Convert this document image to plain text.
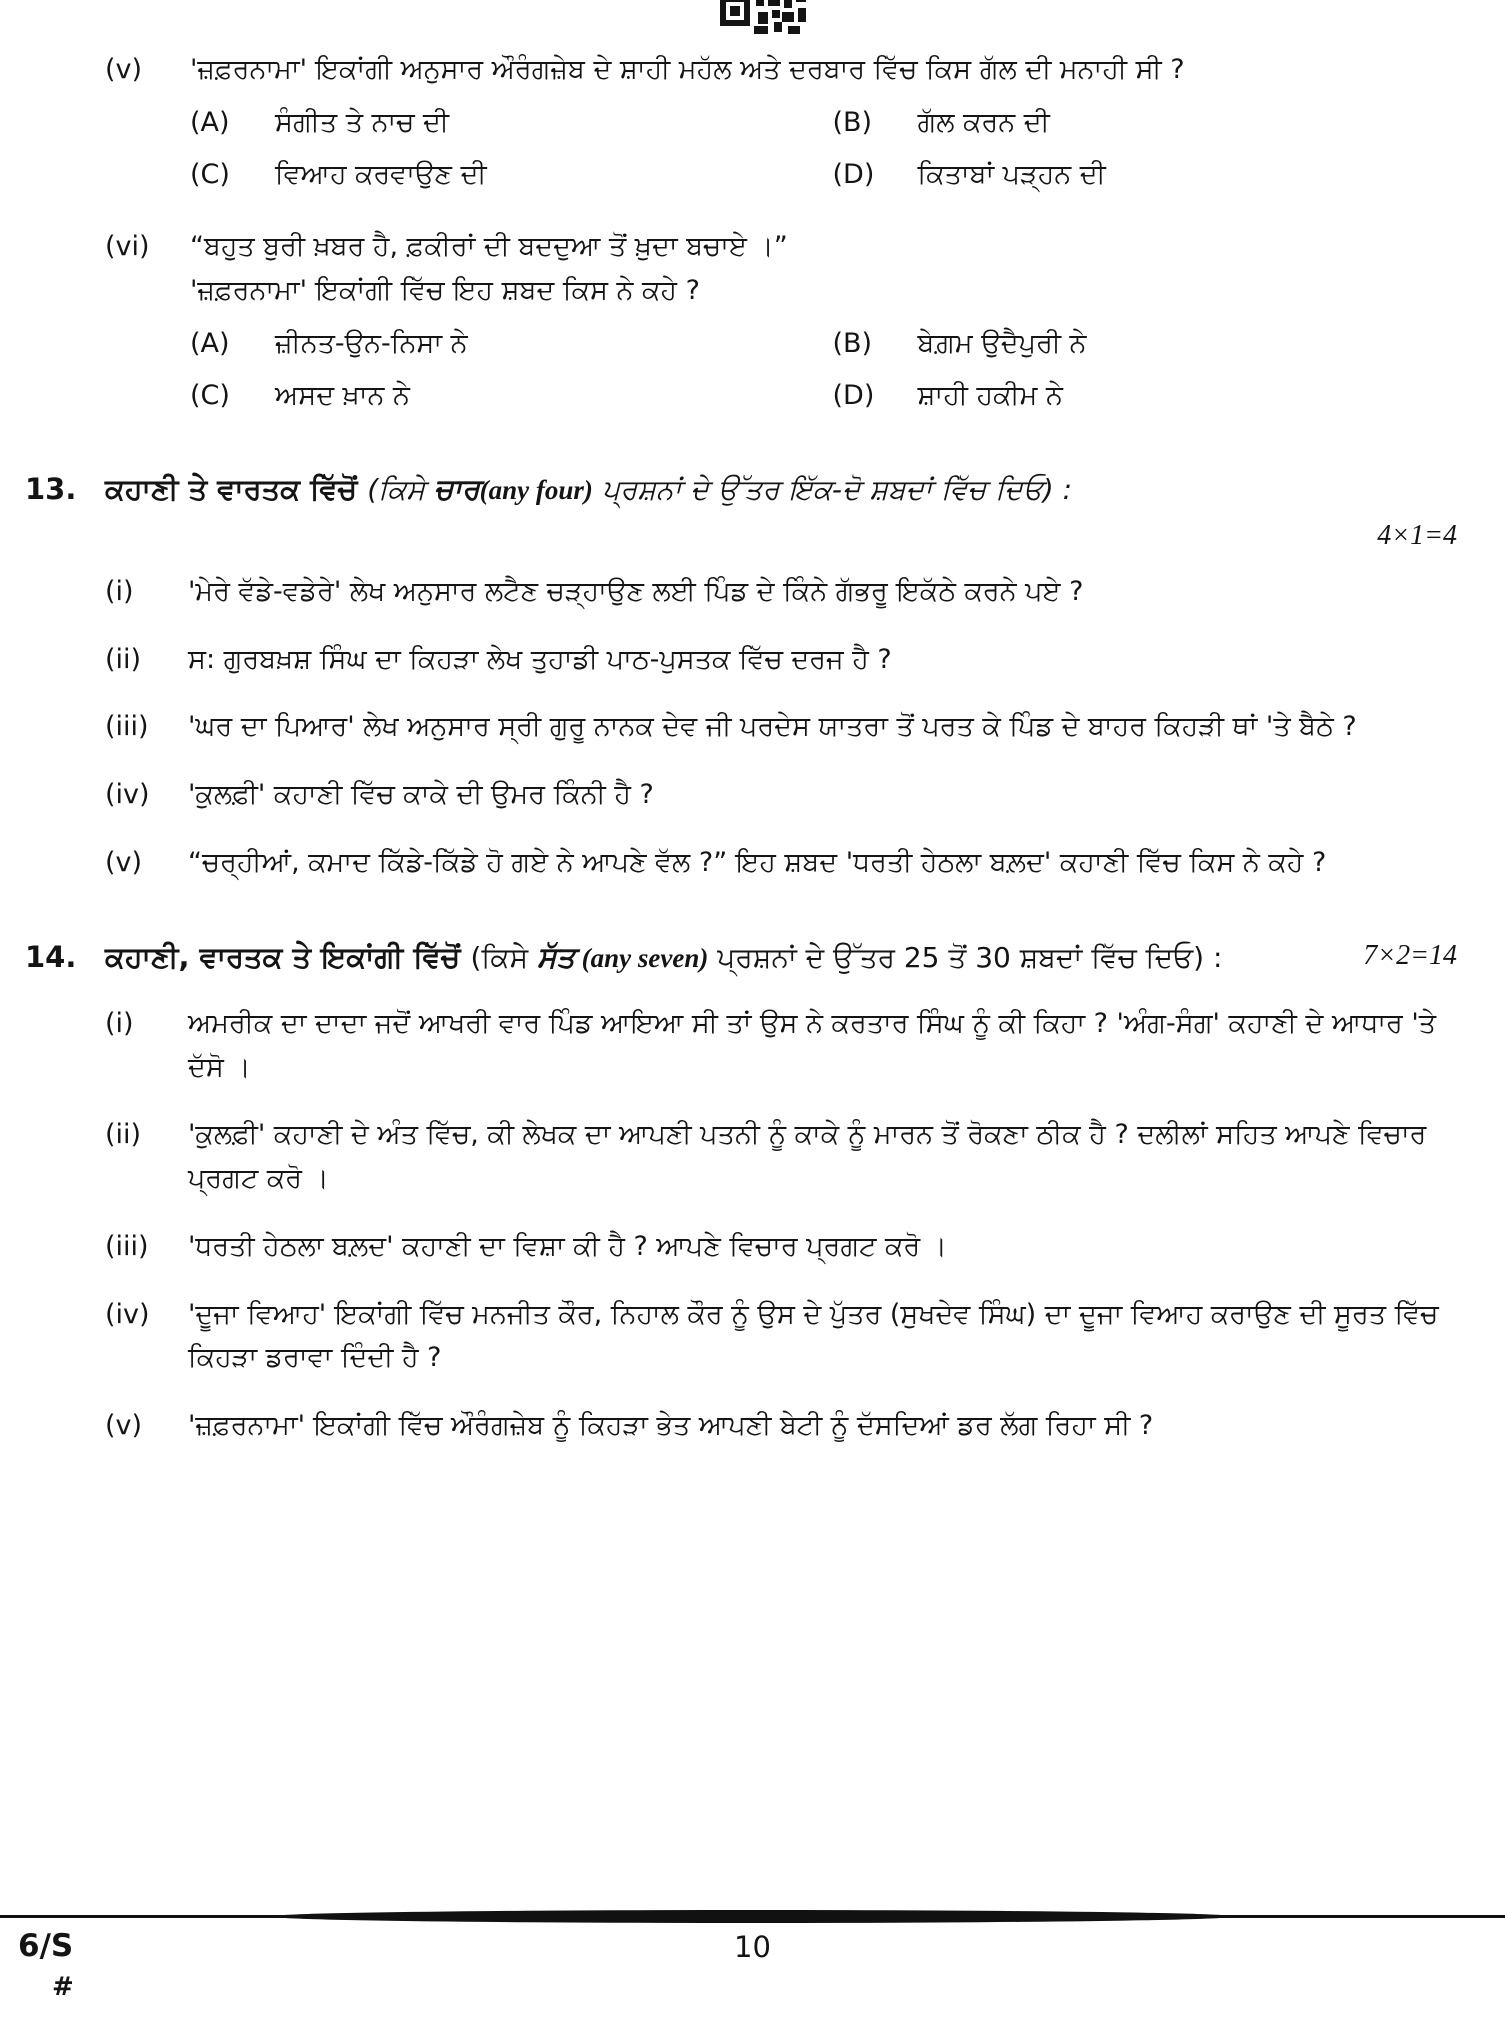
(v)	'ਜ਼ਫ਼ਰਨਾਮਾ' ਇਕਾਂਗੀ ਅਨੁਸਾਰ ਔਰੰਗਜ਼ੇਬ ਦੇ ਸ਼ਾਹੀ ਮਹੱਲ ਅਤੇ ਦਰਬਾਰ ਵਿੱਚ ਕਿਸ ਗੱਲ ਦੀ ਮਨਾਹੀ ਸੀ ?
(A)	ਸੰਗੀਤ ਤੇ ਨਾਚ ਦੀ	(B)	ਗੱਲ ਕਰਨ ਦੀ
(C)	ਵਿਆਹ ਕਰਵਾਉਣ ਦੀ	(D)	ਕਿਤਾਬਾਂ ਪੜ੍ਹਨ ਦੀ
(vi)	“ਬਹੁਤ ਬੁਰੀ ਖ਼ਬਰ ਹੈ, ਫ਼ਕੀਰਾਂ ਦੀ ਬਦਦੁਆ ਤੋਂ ਖ਼ੁਦਾ ਬਚਾਏ ।”
'ਜ਼ਫ਼ਰਨਾਮਾ' ਇਕਾਂਗੀ ਵਿੱਚ ਇਹ ਸ਼ਬਦ ਕਿਸ ਨੇ ਕਹੇ ?
(A)	ਜ਼ੀਨਤ-ਉਨ-ਨਿਸਾ ਨੇ	(B)	ਬੇਗ਼ਮ ਉਦੈਪੁਰੀ ਨੇ
(C)	ਅਸਦ ਖ਼ਾਨ ਨੇ	(D)	ਸ਼ਾਹੀ ਹਕੀਮ ਨੇ
13. ਕਹਾਣੀ ਤੇ ਵਾਰਤਕ ਵਿੱਚੋਂ (ਕਿਸੇ ਚਾਰ(any four) ਪ੍ਰਸ਼ਨਾਂ ਦੇ ਉੱਤਰ ਇੱਕ-ਦੋ ਸ਼ਬਦਾਂ ਵਿੱਚ ਦਿਓ) :
4×1=4
(i)	'ਮੇਰੇ ਵੱਡੇ-ਵਡੇਰੇ' ਲੇਖ ਅਨੁਸਾਰ ਲਟੈਣ ਚੜ੍ਹਾਉਣ ਲਈ ਪਿੰਡ ਦੇ ਕਿੰਨੇ ਗੱਭਰੂ ਇਕੱਠੇ ਕਰਨੇ ਪਏ ?
(ii)	ਸ: ਗੁਰਬਖ਼ਸ਼ ਸਿੰਘ ਦਾ ਕਿਹੜਾ ਲੇਖ ਤੁਹਾਡੀ ਪਾਠ-ਪੁਸਤਕ ਵਿੱਚ ਦਰਜ ਹੈ ?
(iii)	'ਘਰ ਦਾ ਪਿਆਰ' ਲੇਖ ਅਨੁਸਾਰ ਸ੍ਰੀ ਗੁਰੂ ਨਾਨਕ ਦੇਵ ਜੀ ਪਰਦੇਸ ਯਾਤਰਾ ਤੋਂ ਪਰਤ ਕੇ ਪਿੰਡ ਦੇ ਬਾਹਰ ਕਿਹੜੀ ਥਾਂ 'ਤੇ ਬੈਠੇ ?
(iv)	'ਕੁਲਫ਼ੀ' ਕਹਾਣੀ ਵਿੱਚ ਕਾਕੇ ਦੀ ਉਮਰ ਕਿੰਨੀ ਹੈ ?
(v)	“ਚਰ੍ਹੀਆਂ, ਕਮਾਦ ਕਿੱਡੇ-ਕਿੱਡੇ ਹੋ ਗਏ ਨੇ ਆਪਣੇ ਵੱਲ ?” ਇਹ ਸ਼ਬਦ 'ਧਰਤੀ ਹੇਠਲਾ ਬਲ਼ਦ' ਕਹਾਣੀ ਵਿੱਚ ਕਿਸ ਨੇ ਕਹੇ ?
14. ਕਹਾਣੀ, ਵਾਰਤਕ ਤੇ ਇਕਾਂਗੀ ਵਿੱਚੋਂ (ਕਿਸੇ ਸੱਤ (any seven) ਪ੍ਰਸ਼ਨਾਂ ਦੇ ਉੱਤਰ 25 ਤੋਂ 30 ਸ਼ਬਦਾਂ ਵਿੱਚ ਦਿਓ) :	7×2=14
(i)	ਅਮਰੀਕ ਦਾ ਦਾਦਾ ਜਦੋਂ ਆਖਰੀ ਵਾਰ ਪਿੰਡ ਆਇਆ ਸੀ ਤਾਂ ਉਸ ਨੇ ਕਰਤਾਰ ਸਿੰਘ ਨੂੰ ਕੀ ਕਿਹਾ ? 'ਅੰਗ-ਸੰਗ' ਕਹਾਣੀ ਦੇ ਆਧਾਰ 'ਤੇ ਦੱਸੋ ।
(ii)	'ਕੁਲਫ਼ੀ' ਕਹਾਣੀ ਦੇ ਅੰਤ ਵਿੱਚ, ਕੀ ਲੇਖਕ ਦਾ ਆਪਣੀ ਪਤਨੀ ਨੂੰ ਕਾਕੇ ਨੂੰ ਮਾਰਨ ਤੋਂ ਰੋਕਣਾ ਠੀਕ ਹੈ ? ਦਲੀਲਾਂ ਸਹਿਤ ਆਪਣੇ ਵਿਚਾਰ ਪ੍ਰਗਟ ਕਰੋ ।
(iii)	'ਧਰਤੀ ਹੇਠਲਾ ਬਲ਼ਦ' ਕਹਾਣੀ ਦਾ ਵਿਸ਼ਾ ਕੀ ਹੈ ? ਆਪਣੇ ਵਿਚਾਰ ਪ੍ਰਗਟ ਕਰੋ ।
(iv)	'ਦੂਜਾ ਵਿਆਹ' ਇਕਾਂਗੀ ਵਿੱਚ ਮਨਜੀਤ ਕੌਰ, ਨਿਹਾਲ ਕੌਰ ਨੂੰ ਉਸ ਦੇ ਪੁੱਤਰ (ਸੁਖਦੇਵ ਸਿੰਘ) ਦਾ ਦੂਜਾ ਵਿਆਹ ਕਰਾਉਣ ਦੀ ਸੂਰਤ ਵਿੱਚ ਕਿਹੜਾ ਡਰਾਵਾ ਦਿੰਦੀ ਹੈ ?
(v)	'ਜ਼ਫ਼ਰਨਾਮਾ' ਇਕਾਂਗੀ ਵਿੱਚ ਔਰੰਗਜ਼ੇਬ ਨੂੰ ਕਿਹੜਾ ਭੇਤ ਆਪਣੀ ਬੇਟੀ ਨੂੰ ਦੱਸਦਿਆਂ ਡਰ ਲੱਗ ਰਿਹਾ ਸੀ ?
6/S
#
10
